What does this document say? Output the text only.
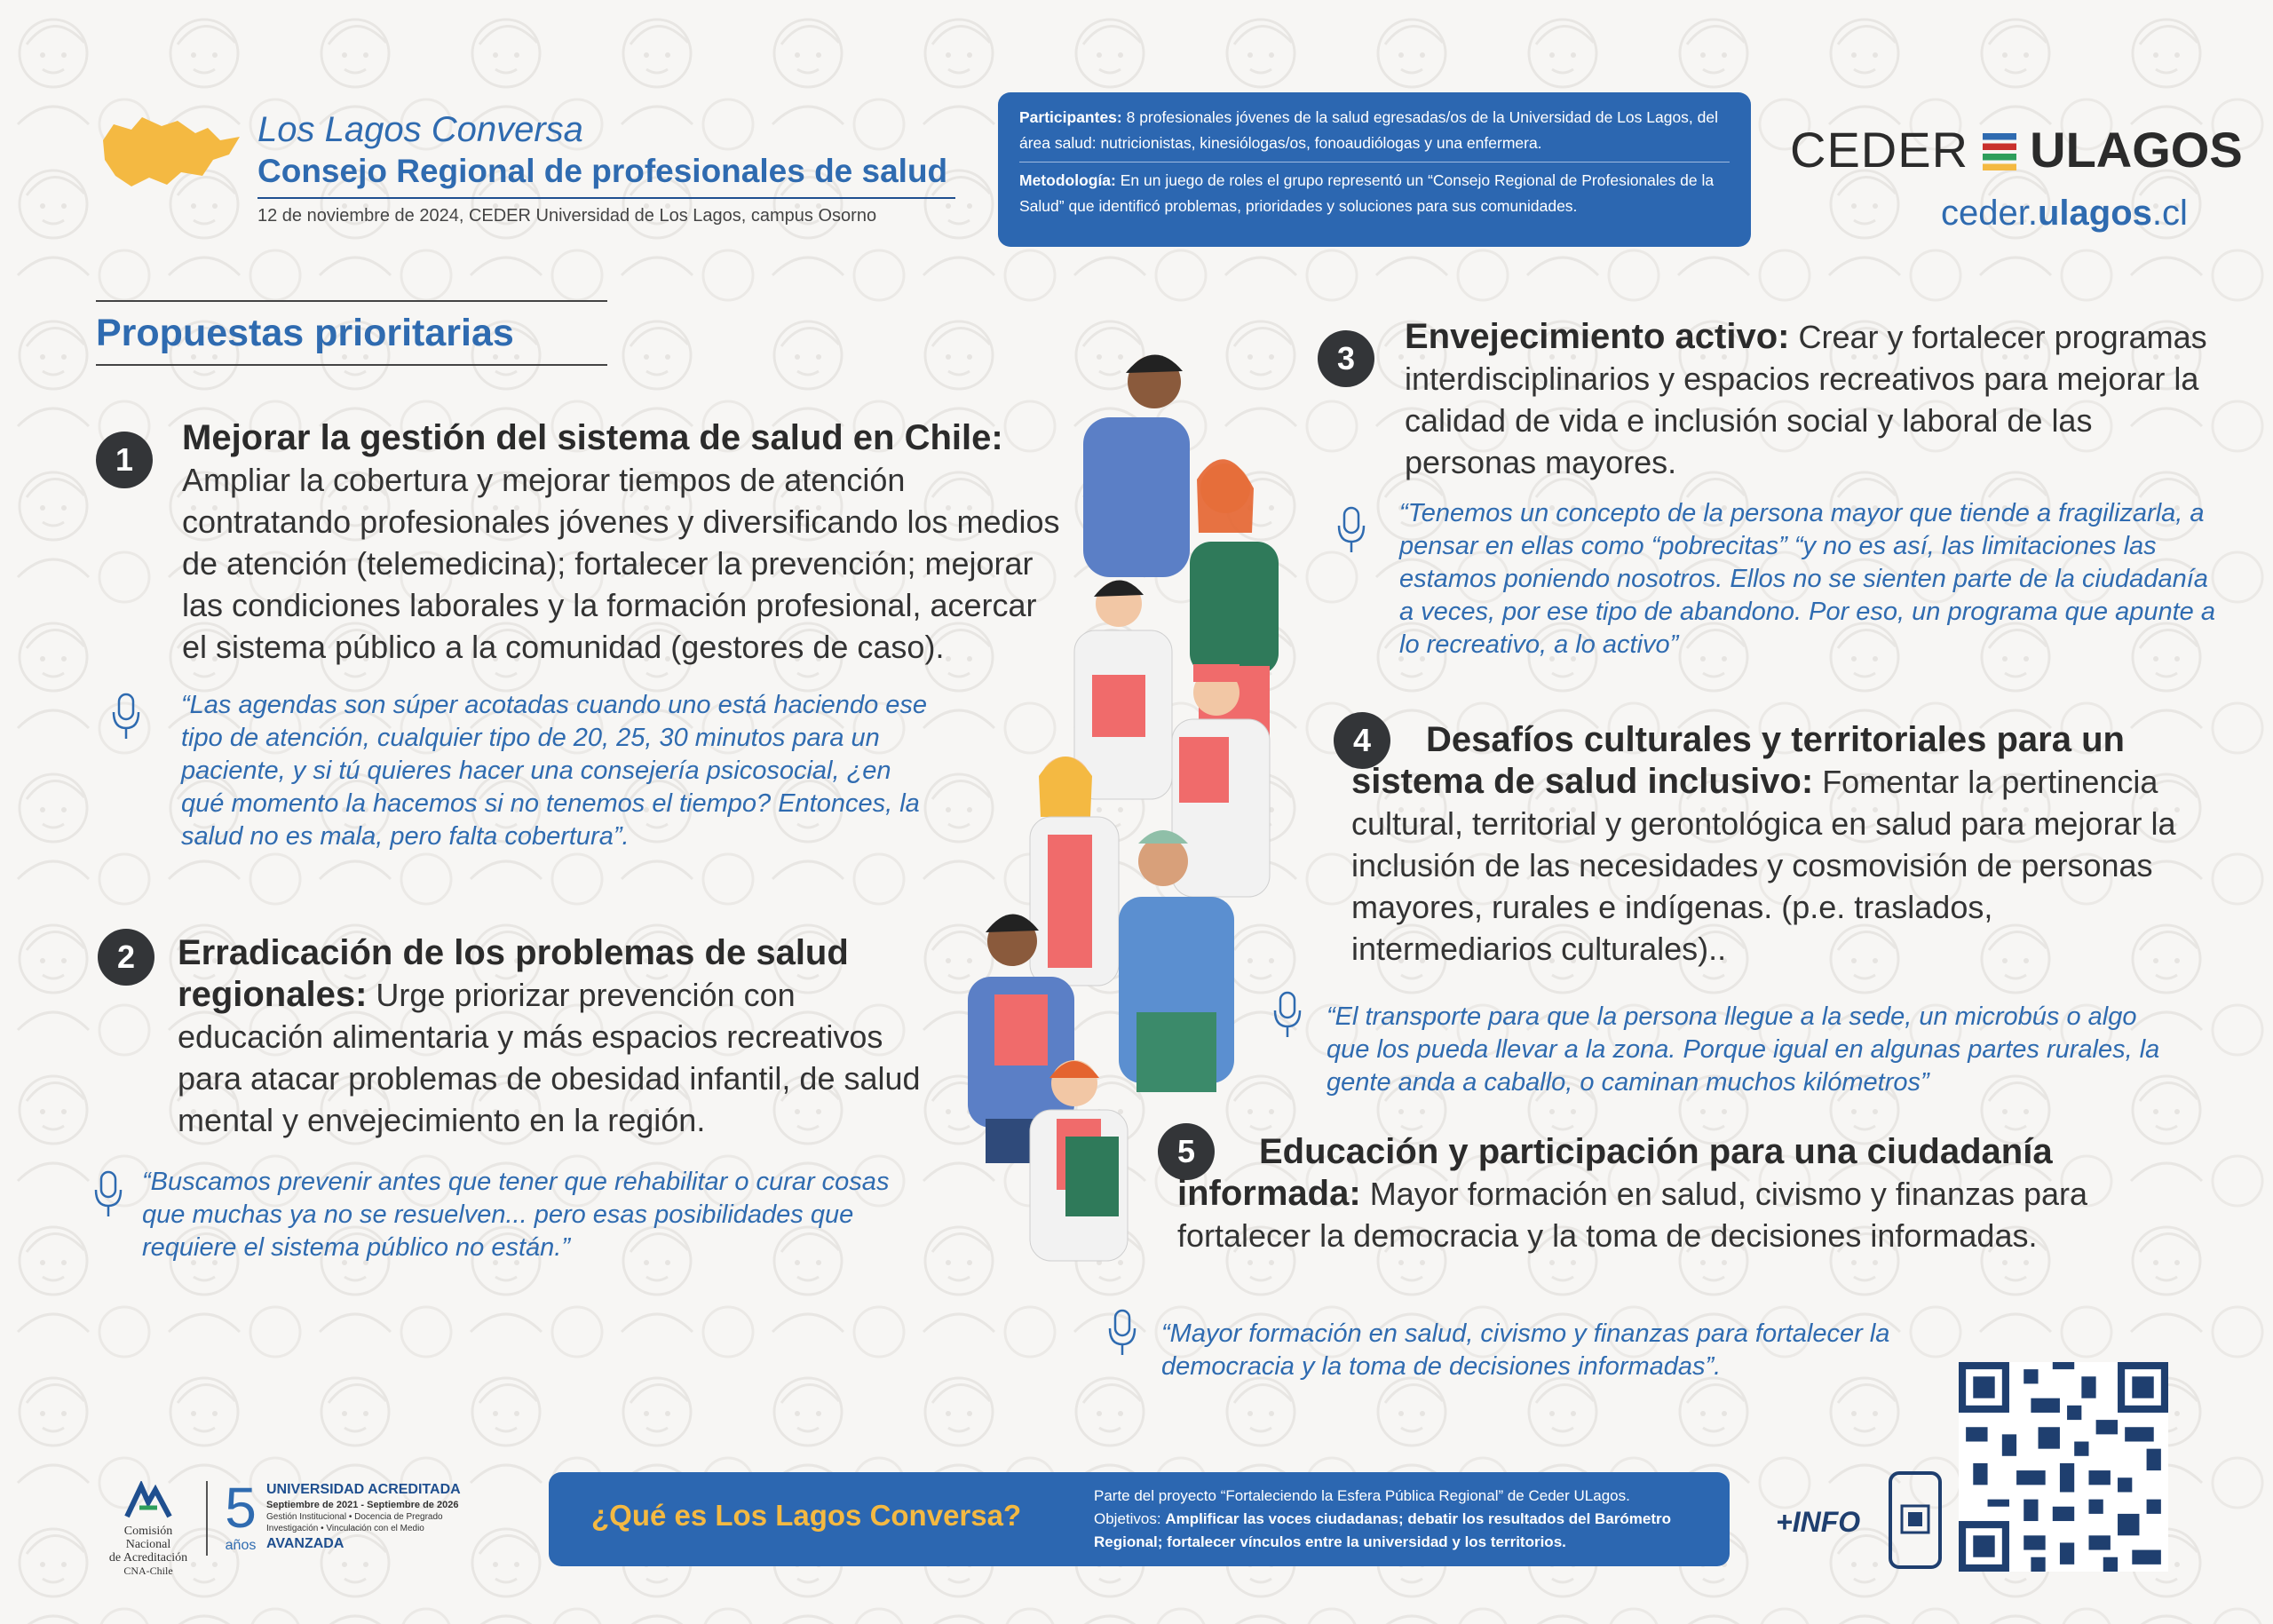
Los Lagos Conversa
Consejo Regional de profesionales de salud
12 de noviembre de 2024, CEDER Universidad de Los Lagos, campus Osorno
Participantes: 8 profesionales jóvenes de la salud egresadas/os de la Universidad de Los Lagos, del área salud: nutricionistas, kinesiólogas/os, fonoaudiólogas y una enfermera.
Metodología: En un juego de roles el grupo representó un “Consejo Regional de Profesionales de la Salud” que identificó problemas, prioridades y soluciones para sus comunidades.
CEDER ULAGOS
ceder.ulagos.cl
Propuestas prioritarias
1
Mejorar la gestión del sistema de salud en Chile: Ampliar la cobertura y mejorar tiempos de atención contratando profesionales jóvenes y diversificando los medios de atención (telemedicina); fortalecer la prevención; mejorar las condiciones laborales y la formación profesional, acercar el sistema público a la comunidad (gestores de caso).
“Las agendas son súper acotadas cuando uno está haciendo ese tipo de atención, cualquier tipo de 20, 25, 30 minutos para un paciente, y si tú quieres hacer una consejería psicosocial, ¿en qué momento la hacemos si no tenemos el tiempo? Entonces, la salud no es mala, pero falta cobertura”.
2	Erradicación de los problemas de salud regionales: Urge priorizar prevención con educación alimentaria y más espacios recreativos para atacar problemas de obesidad infantil, de salud mental y envejecimiento en la región.
“Buscamos prevenir antes que tener que rehabilitar o curar cosas que muchas ya no se resuelven... pero esas posibilidades que requiere el sistema público no están.”
3
Envejecimiento activo: Crear y fortalecer programas interdisciplinarios y espacios recreativos para mejorar la calidad de vida e inclusión social y laboral de las personas mayores.
“Tenemos un concepto de la persona mayor que tiende a fragilizarla, a pensar en ellas como “pobrecitas” “y no es así, las limitaciones las estamos poniendo nosotros. Ellos no se sienten parte de la ciudadanía a veces, por ese tipo de abandono. Por eso, un programa que apunte a lo recreativo, a lo activo”
4	Desafíos culturales y territoriales para un sistema de salud inclusivo: Fomentar la pertinencia cultural, territorial y gerontológica en salud para mejorar la inclusión de las necesidades y cosmovisión de personas mayores, rurales e indígenas. (p.e. traslados, intermediarios culturales)..
“El transporte para que la persona llegue a la sede, un microbús o algo que los pueda llevar a la zona. Porque igual en algunas partes rurales, la gente anda a caballo, o caminan muchos kilómetros”
5	Educación y participación para una ciudadanía informada: Mayor formación en salud, civismo y finanzas para fortalecer la democracia y la toma de decisiones informadas.
“Mayor formación en salud, civismo y finanzas para fortalecer la democracia y la toma de decisiones informadas”.
Comisión Nacional
de Acreditación
CNA-Chile
5
años
UNIVERSIDAD ACREDITADA
Septiembre de 2021 - Septiembre de 2026
Gestión Institucional • Docencia de Pregrado
Investigación • Vinculación con el Medio
AVANZADA
¿Qué es Los Lagos Conversa?
Parte del proyecto “Fortaleciendo la Esfera Pública Regional” de Ceder ULagos.
Objetivos: Amplificar las voces ciudadanas; debatir los resultados del Barómetro Regional; fortalecer vínculos entre la universidad y los territorios.
+INFO
